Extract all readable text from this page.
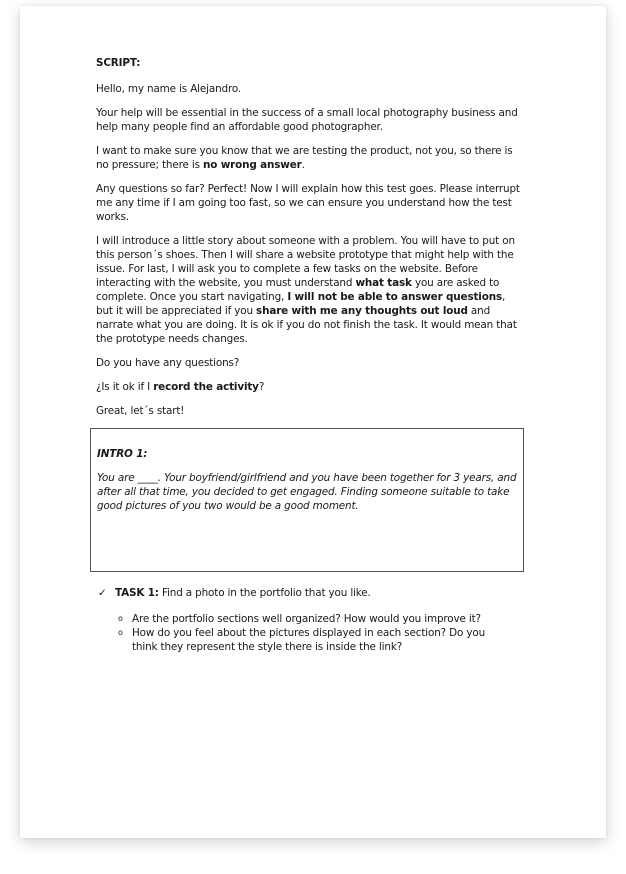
SCRIPT:

Hello, my name is Alejandro.

Your help will be essential in the success of a small local photography business and help many people find an affordable good photographer.

I want to make sure you know that we are testing the product, not you, so there is no pressure; there is no wrong answer.

Any questions so far? Perfect! Now I will explain how this test goes. Please interrupt me any time if I am going too fast, so we can ensure you understand how the test works.

I will introduce a little story about someone with a problem. You will have to put on this person´s shoes. Then I will share a website prototype that might help with the issue. For last, I will ask you to complete a few tasks on the website. Before interacting with the website, you must understand what task you are asked to complete. Once you start navigating, I will not be able to answer questions, but it will be appreciated if you share with me any thoughts out loud and narrate what you are doing. It is ok if you do not finish the task. It would mean that the prototype needs changes.

Do you have any questions?

¿Is it ok if I record the activity?

Great, let´s start!

INTRO 1:

You are ____. Your boyfriend/girlfriend and you have been together for 3 years, and after all that time, you decided to get engaged. Finding someone suitable to take good pictures of you two would be a good moment.

✓ TASK 1: Find a photo in the portfolio that you like.
o Are the portfolio sections well organized? How would you improve it?
o How do you feel about the pictures displayed in each section? Do you think they represent the style there is inside the link?
